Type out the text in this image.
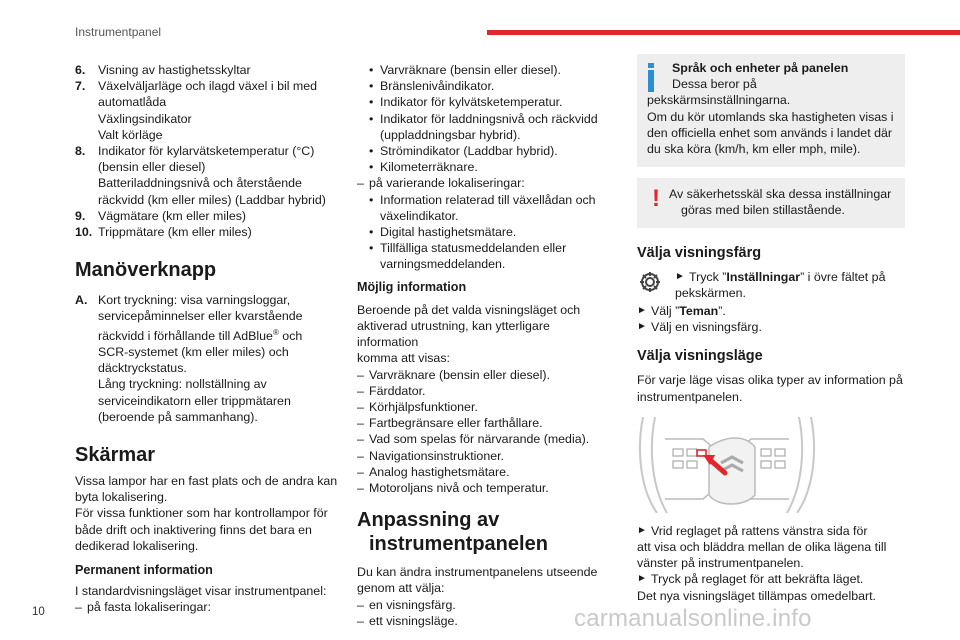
Instrumentpanel
6.	Visning av hastighetsskyltar
7.	Växelväljarläge och ilagd växel i bil med
automatlåda
Växlingsindikator
Valt körläge
8.	Indikator för kylarvätsketemperatur (°C)
(bensin eller diesel)
Batteriladdningsnivå och återstående
räckvidd (km eller miles) (Laddbar hybrid)
9.	Vägmätare (km eller miles)
10. Trippmätare (km eller miles)
Manöverknapp
A. Kort tryckning: visa varningsloggar,
servicepåminnelser eller kvarstående
räckvidd i förhållande till AdBlue® och
SCR-systemet (km eller miles) och
däcktryckstatus.
Lång tryckning: nollställning av
serviceindikatorn eller trippmätaren
(beroende på sammanhang).
Skärmar

Vissa lampor har en fast plats och de andra kan
byta lokalisering.
För vissa funktioner som har kontrollampor för
både drift och inaktivering finns det bara en
dedikerad lokalisering.

Permanent information

I standardvisningsläget visar instrumentpanel:

– på fasta lokaliseringar:
• Varvräknare (bensin eller diesel).
• Bränslenivåindikator.
• Indikator för kylvätsketemperatur.
• Indikator för laddningsnivå och räckvidd
(uppladdningsbar hybrid).
• Strömindikator (Laddbar hybrid).
• Kilometerräknare.
– på varierande lokaliseringar:
• Information relaterad till växellådan och
växelindikator.
• Digital hastighetsmätare.
• Tillfälliga statusmeddelanden eller
varningsmeddelanden.
Möjlig information

Beroende på det valda visningsläget och
aktiverad utrustning, kan ytterligare information
komma att visas:

– Varvräknare (bensin eller diesel).
– Färddator.
– Körhjälpsfunktioner.
– Fartbegränsare eller farthållare.
– Vad som spelas för närvarande (media).
– Navigationsinstruktioner.
– Analog hastighetsmätare.
– Motoroljans nivå och temperatur.
Anpassning av
instrumentpanelen

Du kan ändra instrumentpanelens utseende
genom att välja:

– en visningsfärg.
– ett visningsläge.
Språk och enheter på panelen
Dessa beror på
pekskärmsinställningarna.
Om du kör utomlands ska hastigheten visas i
den officiella enhet som används i landet där
du ska köra (km/h, km eller mph, mile).
! Av säkerhetsskäl ska dessa inställningar
göras med bilen stillastående.
Välja visningsfärg
► Tryck ”Inställningar” i övre fältet på
pekskärmen.
► Välj ”Teman”.
► Välj en visningsfärg.
Välja visningsläge

För varje läge visas olika typer av information på
instrumentpanelen.

► Vrid reglaget på rattens vänstra sida för
att visa och bläddra mellan de olika lägena till
vänster på instrumentpanelen.
► Tryck på reglaget för att bekräfta läget.
Det nya visningsläget tillämpas omedelbart.
10	carmanualsonline.info
